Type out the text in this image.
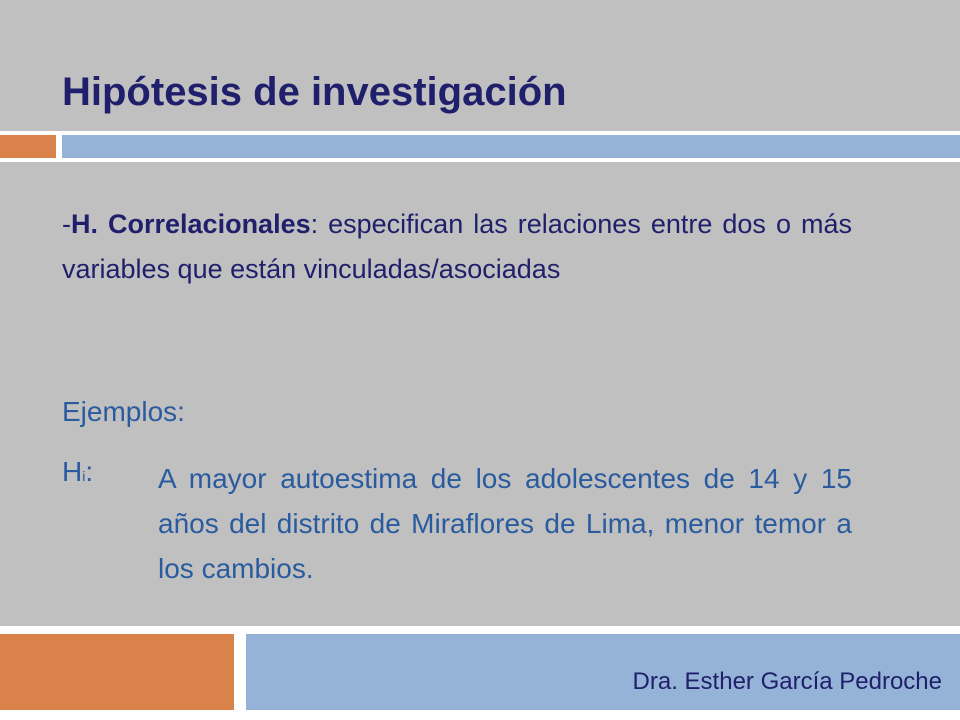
Hipótesis de investigación

-H. Correlacionales: especifican las relaciones entre dos o más variables que están vinculadas/asociadas

Ejemplos:
Hi: A mayor autoestima de los adolescentes de 14 y 15 años del distrito de Miraflores de Lima, menor temor a los cambios.

Dra. Esther García Pedroche
